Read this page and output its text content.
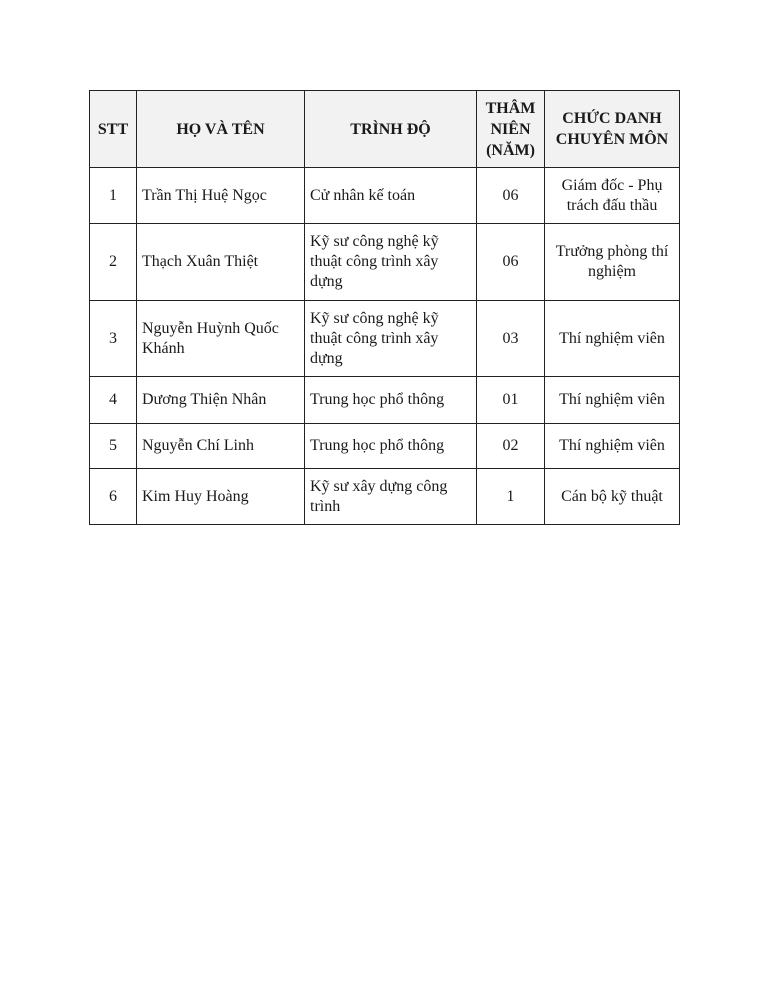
STT	HỌ VÀ TÊN	TRÌNH ĐỘ	THÂM NIÊN (NĂM)	CHỨC DANH CHUYÊN MÔN
1	Trần Thị Huệ Ngọc	Cử nhân kế toán	06	Giám đốc - Phụ trách đấu thầu
2	Thạch Xuân Thiệt	Kỹ sư công nghệ kỹ thuật công trình xây dựng	06	Trưởng phòng thí nghiệm
3	Nguyễn Huỳnh Quốc Khánh	Kỹ sư công nghệ kỹ thuật công trình xây dựng	03	Thí nghiệm viên
4	Dương Thiện Nhân	Trung học phổ thông	01	Thí nghiệm viên
5	Nguyễn Chí Linh	Trung học phổ thông	02	Thí nghiệm viên
6	Kim Huy Hoàng	Kỹ sư xây dựng công trình	1	Cán bộ kỹ thuật
